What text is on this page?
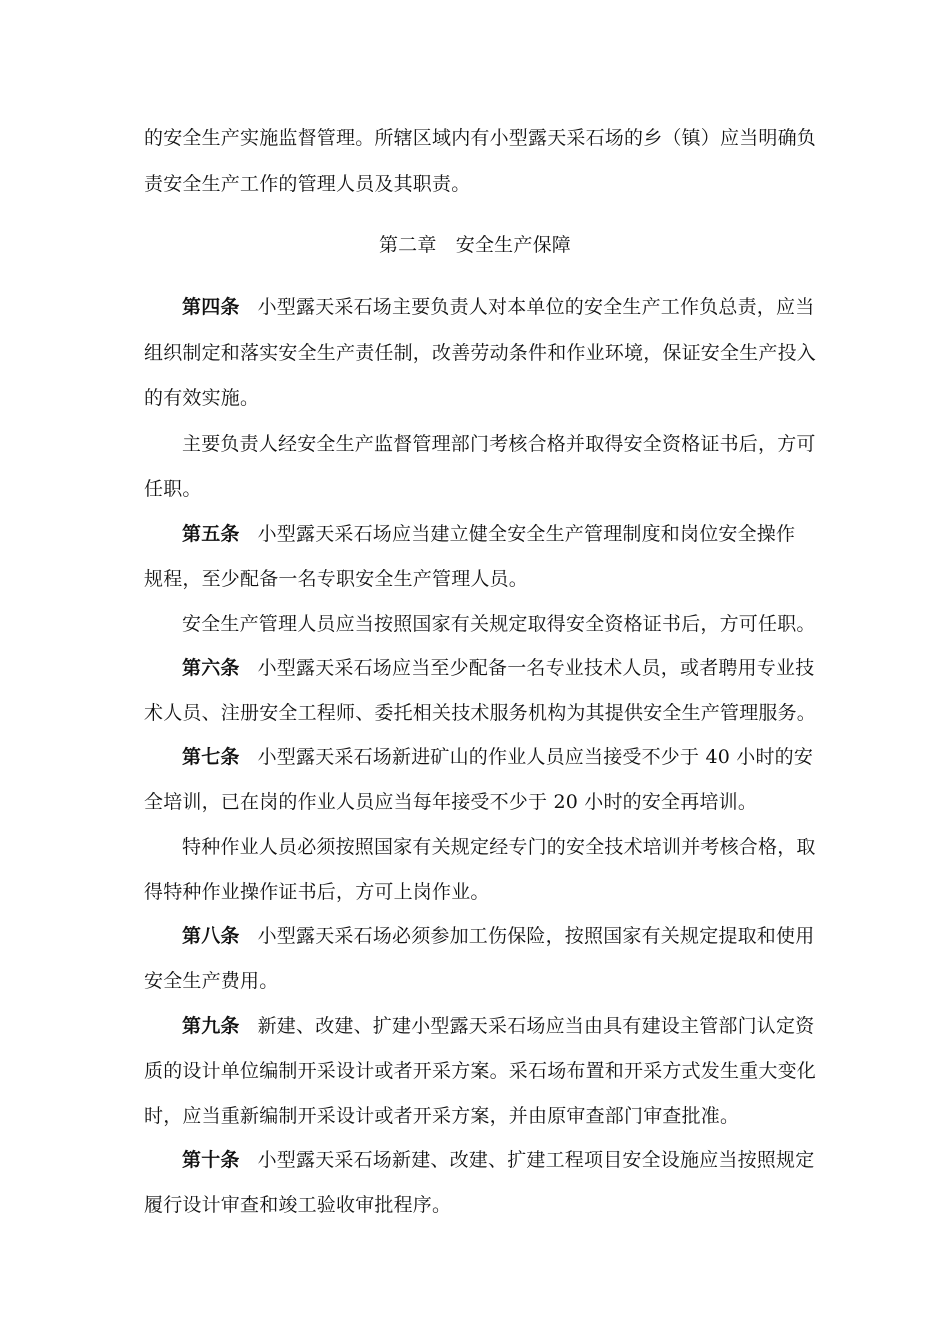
的安全生产实施监督管理。所辖区域内有小型露天采石场的乡（镇）应当明确负
责安全生产工作的管理人员及其职责。
第二章　安全生产保障
第四条 小型露天采石场主要负责人对本单位的安全生产工作负总责，应当
组织制定和落实安全生产责任制，改善劳动条件和作业环境，保证安全生产投入
的有效实施。
主要负责人经安全生产监督管理部门考核合格并取得安全资格证书后，方可
任职。
第五条 小型露天采石场应当建立健全安全生产管理制度和岗位安全操作
规程，至少配备一名专职安全生产管理人员。
安全生产管理人员应当按照国家有关规定取得安全资格证书后，方可任职。
第六条 小型露天采石场应当至少配备一名专业技术人员，或者聘用专业技
术人员、注册安全工程师、委托相关技术服务机构为其提供安全生产管理服务。
第七条 小型露天采石场新进矿山的作业人员应当接受不少于 40 小时的安
全培训，已在岗的作业人员应当每年接受不少于 20 小时的安全再培训。
特种作业人员必须按照国家有关规定经专门的安全技术培训并考核合格，取
得特种作业操作证书后，方可上岗作业。
第八条 小型露天采石场必须参加工伤保险，按照国家有关规定提取和使用
安全生产费用。
第九条 新建、改建、扩建小型露天采石场应当由具有建设主管部门认定资
质的设计单位编制开采设计或者开采方案。采石场布置和开采方式发生重大变化
时，应当重新编制开采设计或者开采方案，并由原审查部门审查批准。
第十条 小型露天采石场新建、改建、扩建工程项目安全设施应当按照规定
履行设计审查和竣工验收审批程序。
